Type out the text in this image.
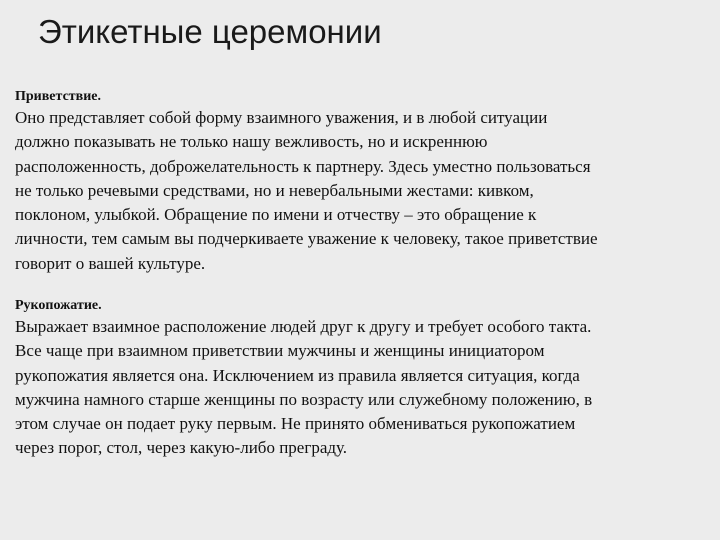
Этикетные церемонии

Приветствие.

Оно представляет собой форму взаимного уважения, и в любой ситуации
должно показывать не только нашу вежливость, но и искреннюю
расположенность, доброжелательность к партнеру. Здесь уместно пользоваться
не только речевыми средствами, но и невербальными жестами: кивком,
поклоном, улыбкой. Обращение по имени и отчеству – это обращение к
личности, тем самым вы подчеркиваете уважение к человеку, такое приветствие
говорит о вашей культуре.

Рукопожатие.

Выражает взаимное расположение людей друг к другу и требует особого такта.
Все чаще при взаимном приветствии мужчины и женщины инициатором
рукопожатия является она. Исключением из правила является ситуация, когда
мужчина намного старше женщины по возрасту или служебному положению, в
этом случае он подает руку первым. Не принято обмениваться рукопожатием
через порог, стол, через какую-либо преграду.
